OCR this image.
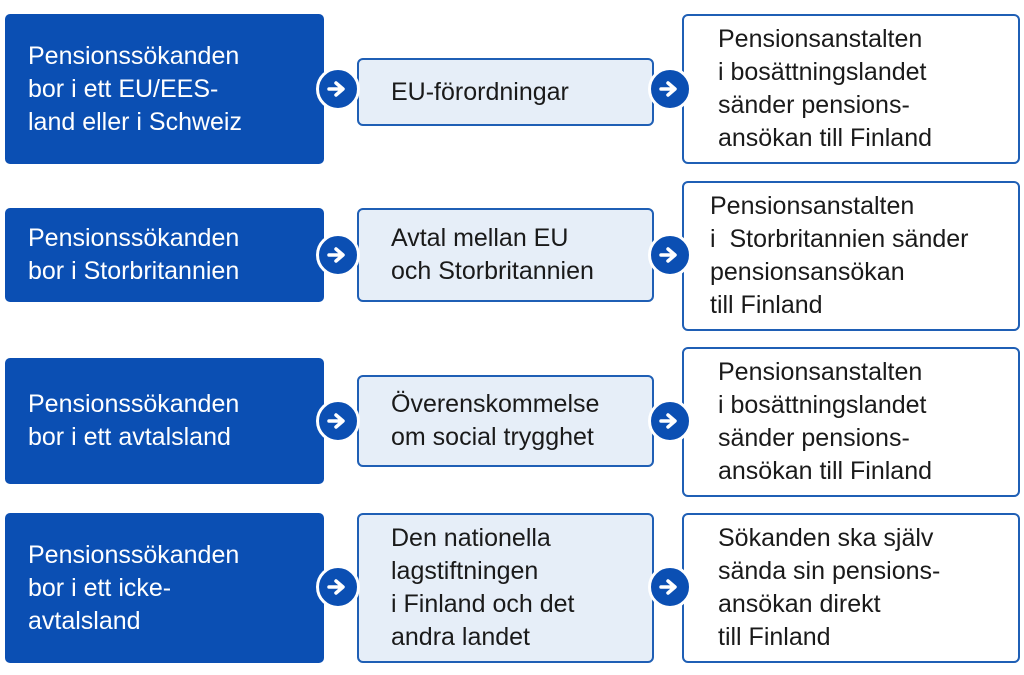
Pensionssökanden
bor i ett EU/EES-
land eller i Schweiz
EU-förordningar
Pensionsanstalten
i bosättningslandet
sänder pensions-
ansökan till Finland
Pensionssökanden
bor i Storbritannien
Avtal mellan EU
och Storbritannien
Pensionsanstalten
i  Storbritannien sänder
pensionsansökan
till Finland
Pensionssökanden
bor i ett avtalsland
Överenskommelse
om social trygghet
Pensionsanstalten
i bosättningslandet
sänder pensions-
ansökan till Finland
Pensionssökanden
bor i ett icke-
avtalsland
Den nationella
lagstiftningen
i Finland och det
andra landet
Sökanden ska själv
sända sin pensions-
ansökan direkt
till Finland
